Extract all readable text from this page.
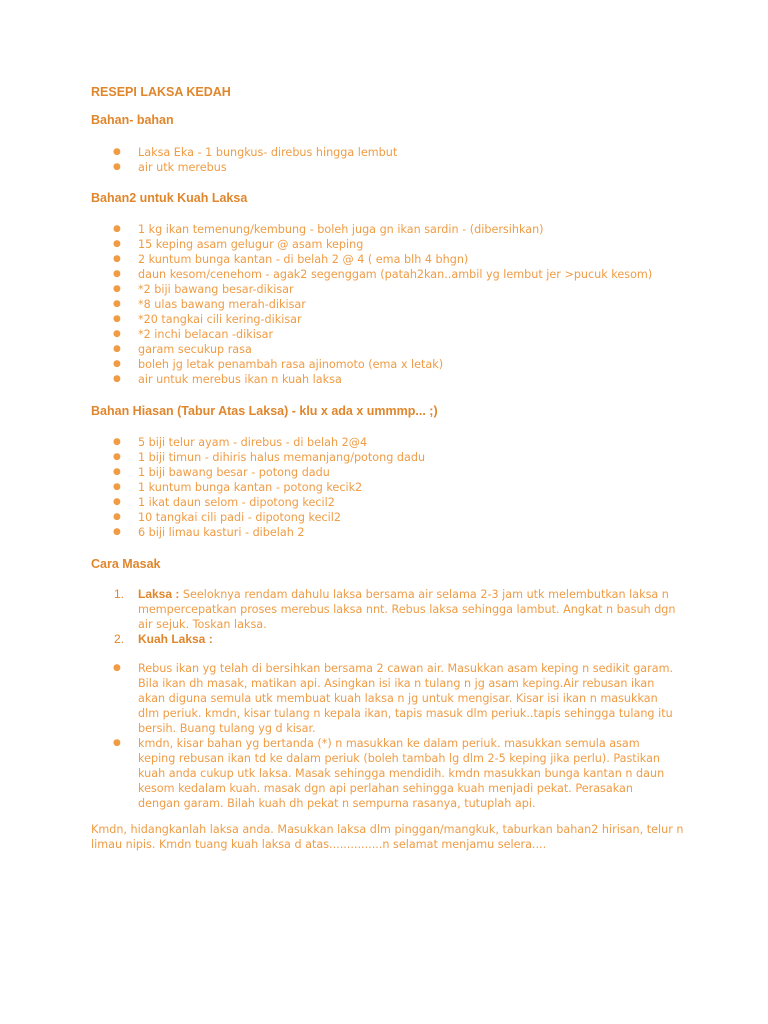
RESEPI LAKSA KEDAH
Bahan- bahan
● Laksa Eka - 1 bungkus- direbus hingga lembut
● air utk merebus
Bahan2 untuk Kuah Laksa
● 1 kg ikan temenung/kembung - boleh juga gn ikan sardin - (dibersihkan)
● 15 keping asam gelugur @ asam keping
● 2 kuntum bunga kantan - di belah 2 @ 4 ( ema blh 4 bhgn)
● daun kesom/cenehom - agak2 segenggam (patah2kan..ambil yg lembut jer >pucuk kesom)
● *2 biji bawang besar-dikisar
● *8 ulas bawang merah-dikisar
● *20 tangkai cili kering-dikisar
● *2 inchi belacan -dikisar
● garam secukup rasa
● boleh jg letak penambah rasa ajinomoto (ema x letak)
● air untuk merebus ikan n kuah laksa
Bahan Hiasan (Tabur Atas Laksa) - klu x ada x ummmp... ;)
● 5 biji telur ayam - direbus - di belah 2@4
● 1 biji timun - dihiris halus memanjang/potong dadu
● 1 biji bawang besar - potong dadu
● 1 kuntum bunga kantan - potong kecik2
● 1 ikat daun selom - dipotong kecil2
● 10 tangkai cili padi - dipotong kecil2
● 6 biji limau kasturi - dibelah 2
Cara Masak
1. Laksa : Seeloknya rendam dahulu laksa bersama air selama 2-3 jam utk melembutkan laksa n mempercepatkan proses merebus laksa nnt. Rebus laksa sehingga lambut. Angkat n basuh dgn air sejuk. Toskan laksa.
2. Kuah Laksa :
● Rebus ikan yg telah di bersihkan bersama 2 cawan air. Masukkan asam keping n sedikit garam. Bila ikan dh masak, matikan api. Asingkan isi ika n tulang n jg asam keping.Air rebusan ikan akan diguna semula utk membuat kuah laksa n jg untuk mengisar. Kisar isi ikan n masukkan dlm periuk. kmdn, kisar tulang n kepala ikan, tapis masuk dlm periuk..tapis sehingga tulang itu bersih. Buang tulang yg d kisar.
● kmdn, kisar bahan yg bertanda (*) n masukkan ke dalam periuk. masukkan semula asam keping rebusan ikan td ke dalam periuk (boleh tambah lg dlm 2-5 keping jika perlu). Pastikan kuah anda cukup utk laksa. Masak sehingga mendidih. kmdn masukkan bunga kantan n daun kesom kedalam kuah. masak dgn api perlahan sehingga kuah menjadi pekat. Perasakan dengan garam. Bilah kuah dh pekat n sempurna rasanya, tutuplah api.

Kmdn, hidangkanlah laksa anda. Masukkan laksa dlm pinggan/mangkuk, taburkan bahan2 hirisan, telur n limau nipis. Kmdn tuang kuah laksa d atas...............n selamat menjamu selera....
